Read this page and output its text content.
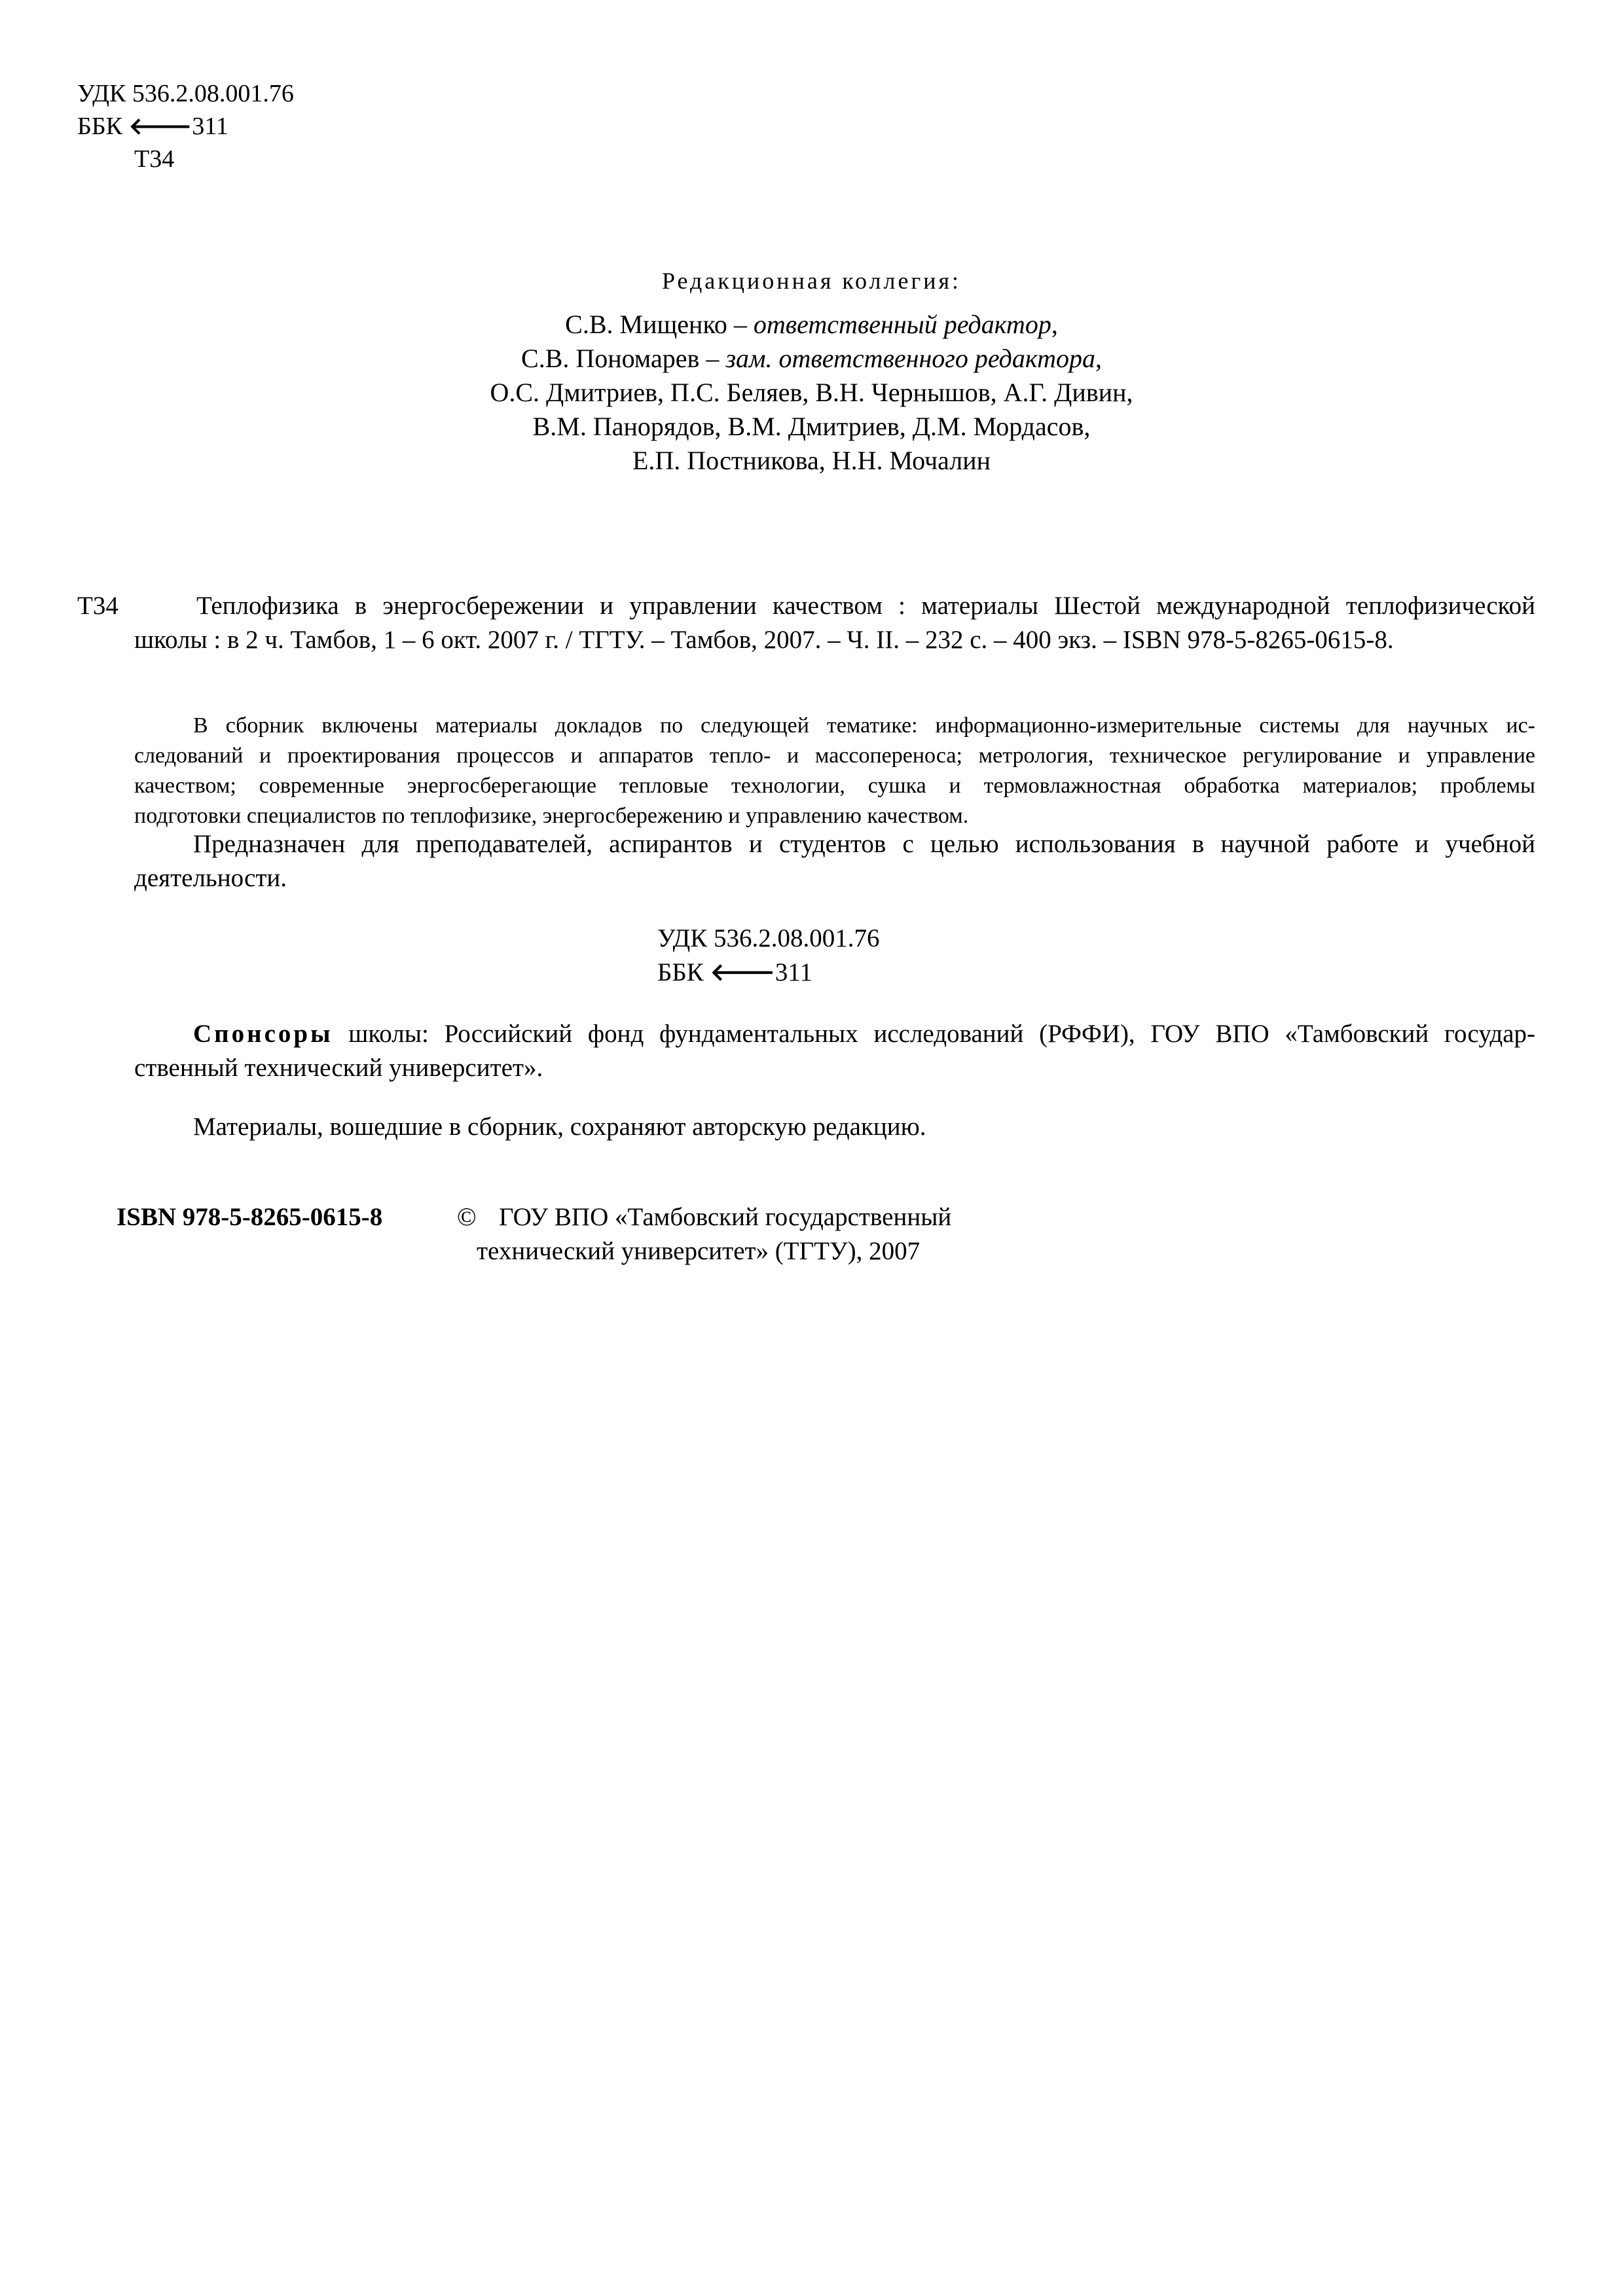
УДК 536.2.08.001.76
ББК 🡐311
Т34
Редакционная коллегия:
С.В. Мищенко – ответственный редактор,
С.В. Пономарев – зам. ответственного редактора,
О.С. Дмитриев, П.С. Беляев, В.Н. Чернышов, А.Г. Дивин,
В.М. Панорядов, В.М. Дмитриев, Д.М. Мордасов,
Е.П. Постникова, Н.Н. Мочалин
Т34	Теплофизика в энергосбережении и управлении качеством : материалы Шестой международной теплофизической
школы : в 2 ч. Тамбов, 1 – 6 окт. 2007 г. / ТГТУ. – Тамбов, 2007. – Ч. II. – 232 с. – 400 экз. – ISBN 978-5-8265-0615-8.
В сборник включены материалы докладов по следующей тематике: информационно-измерительные системы для научных ис-
следований и проектирования процессов и аппаратов тепло- и массопереноса; метрология, техническое регулирование и управление
качеством; современные энергосберегающие тепловые технологии, сушка и термовлажностная обработка материалов; проблемы
подготовки специалистов по теплофизике, энергосбережению и управлению качеством.
Предназначен для преподавателей, аспирантов и студентов с целью использования в научной работе и учебной
деятельности.
УДК 536.2.08.001.76
ББК 🡐311
Спонсоры школы: Российский фонд фундаментальных исследований (РФФИ), ГОУ ВПО «Тамбовский государ-
ственный технический университет».
Материалы, вошедшие в сборник, сохраняют авторскую редакцию.
ISBN 978-5-8265-0615-8	© ГОУ ВПО «Тамбовский государственный
технический университет» (ТГТУ), 2007
